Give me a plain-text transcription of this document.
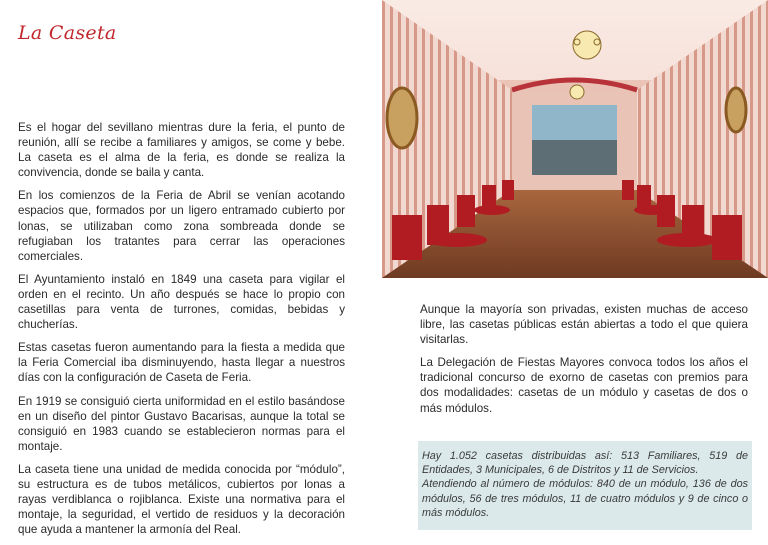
La Caseta

Es el hogar del sevillano mientras dure la feria, el punto de reunión, allí se recibe a familiares y amigos, se come y bebe. La caseta es el alma de la feria, es donde se realiza la convivencia, donde se baila y canta.

En los comienzos de la Feria de Abril se venían acotando espacios que, formados por un ligero entramado cubierto por lonas, se utilizaban como zona sombreada donde se refugiaban los tratantes para cerrar las operaciones comerciales.

El Ayuntamiento instaló en 1849 una caseta para vigilar el orden en el recinto. Un año después se hace lo propio con casetillas para venta de turrones, comidas, bebidas y chucherías.

Estas casetas fueron aumentando para la fiesta a medida que la Feria Comercial iba disminuyendo, hasta llegar a nuestros días con la configuración de Caseta de Feria.

En 1919 se consiguió cierta uniformidad en el estilo basándose en un diseño del pintor Gustavo Bacarisas, aunque la total se consiguió en 1983 cuando se establecieron normas para el montaje.

La caseta tiene una unidad de medida conocida por “módulo”, su estructura es de tubos metálicos, cubiertos por lonas a rayas verdiblanca o rojiblanca. Existe una normativa para el montaje, la seguridad, el vertido de residuos y la decoración que ayuda a mantener la armonía del Real.

Aunque la mayoría son privadas, existen muchas de acceso libre, las casetas públicas están abiertas a todo el que quiera visitarlas.

La Delegación de Fiestas Mayores convoca todos los años el tradicional concurso de exorno de casetas con premios para dos modalidades: casetas de un módulo y casetas de dos o más módulos.

Hay 1.052 casetas distribuidas así: 513 Familiares, 519 de Entidades, 3 Municipales, 6 de Distritos y 11 de Servicios.

Atendiendo al número de módulos: 840 de un módulo, 136 de dos módulos, 56 de tres módulos, 11 de cuatro módulos y 9 de cinco o más módulos.
